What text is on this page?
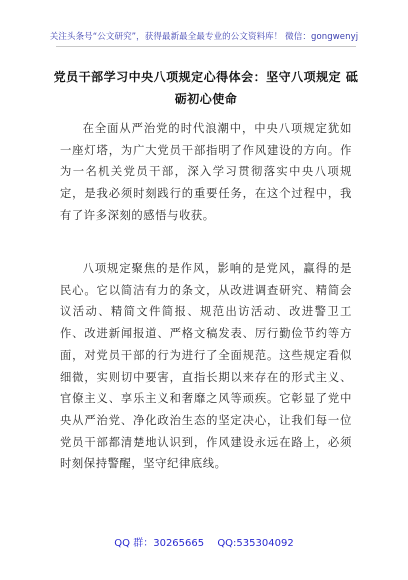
关注头条号“公文研究”，获得最新最全最专业的公文资料库！ 微信：gongwenyj
党员干部学习中央八项规定心得体会：坚守八项规定 砥砺初心使命

在全面从严治党的时代浪潮中，中央八项规定犹如一座灯塔，为广大党员干部指明了作风建设的方向。作为一名机关党员干部，深入学习贯彻落实中央八项规定，是我必须时刻践行的重要任务，在这个过程中，我有了许多深刻的感悟与收获。

八项规定聚焦的是作风，影响的是党风，赢得的是民心。它以简洁有力的条文，从改进调查研究、精简会议活动、精简文件简报、规范出访活动、改进警卫工作、改进新闻报道、严格文稿发表、厉行勤俭节约等方面，对党员干部的行为进行了全面规范。这些规定看似细微，实则切中要害，直指长期以来存在的形式主义、官僚主义、享乐主义和奢靡之风等顽疾。它彰显了党中央从严治党、净化政治生态的坚定决心，让我们每一位党员干部都清楚地认识到，作风建设永远在路上，必须时刻保持警醒，坚守纪律底线。

QQ 群：30265665 QQ:535304092
